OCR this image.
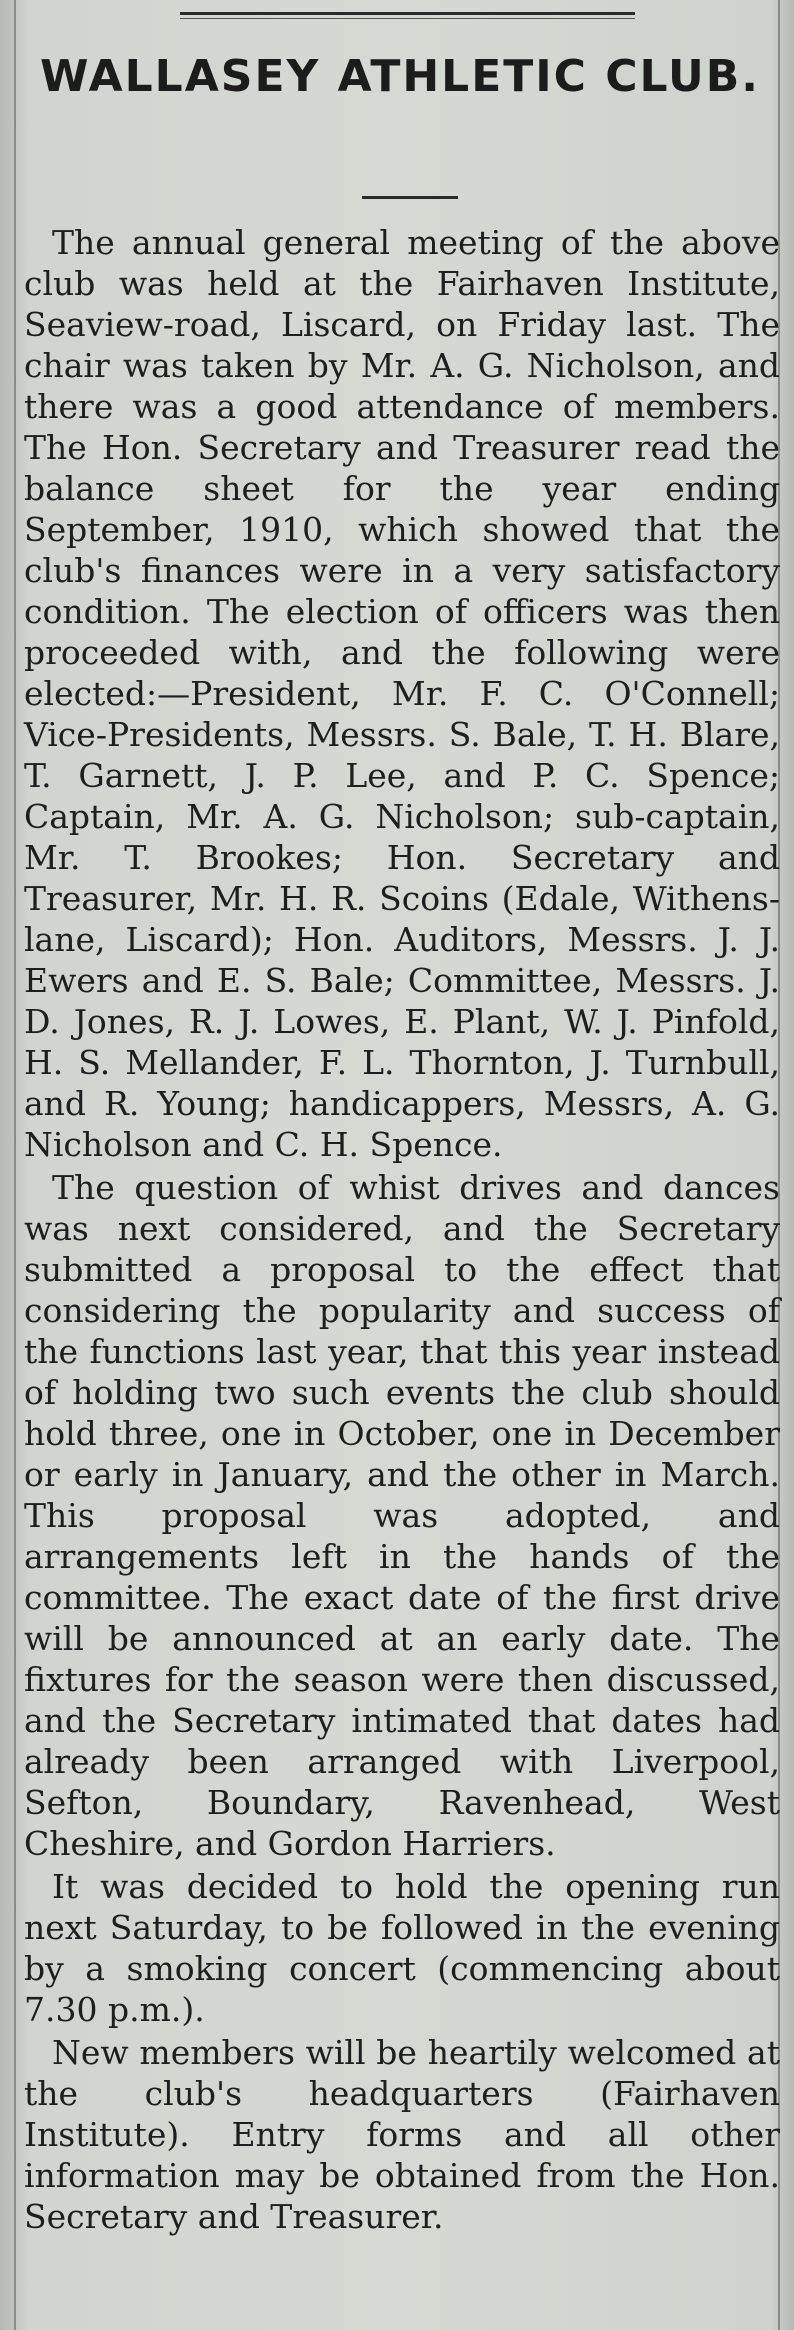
WALLASEY ATHLETIC CLUB.

The annual general meeting of the above club was held at the Fairhaven Institute, Seaview-road, Liscard, on Friday last. The chair was taken by Mr. A. G. Nicholson, and there was a good attendance of members. The Hon. Secretary and Treasurer read the balance sheet for the year ending September, 1910, which showed that the club's finances were in a very satisfactory condition. The election of officers was then proceeded with, and the following were elected:—President, Mr. F. C. O'Connell; Vice-Presidents, Messrs. S. Bale, T. H. Blare, T. Garnett, J. P. Lee, and P. C. Spence; Captain, Mr. A. G. Nicholson; sub-captain, Mr. T. Brookes; Hon. Secretary and Treasurer, Mr. H. R. Scoins (Edale, Withens-lane, Liscard); Hon. Auditors, Messrs. J. J. Ewers and E. S. Bale; Committee, Messrs. J. D. Jones, R. J. Lowes, E. Plant, W. J. Pinfold, H. S. Mellander, F. L. Thornton, J. Turnbull, and R. Young; handicappers, Messrs, A. G. Nicholson and C. H. Spence.

The question of whist drives and dances was next considered, and the Secretary submitted a proposal to the effect that considering the popularity and success of the functions last year, that this year instead of holding two such events the club should hold three, one in October, one in December or early in January, and the other in March. This proposal was adopted, and arrangements left in the hands of the committee. The exact date of the first drive will be announced at an early date. The fixtures for the season were then discussed, and the Secretary intimated that dates had already been arranged with Liverpool, Sefton, Boundary, Ravenhead, West Cheshire, and Gordon Harriers.

It was decided to hold the opening run next Saturday, to be followed in the evening by a smoking concert (commencing about 7.30 p.m.).

New members will be heartily welcomed at the club's headquarters (Fairhaven Institute). Entry forms and all other information may be obtained from the Hon. Secretary and Treasurer.
